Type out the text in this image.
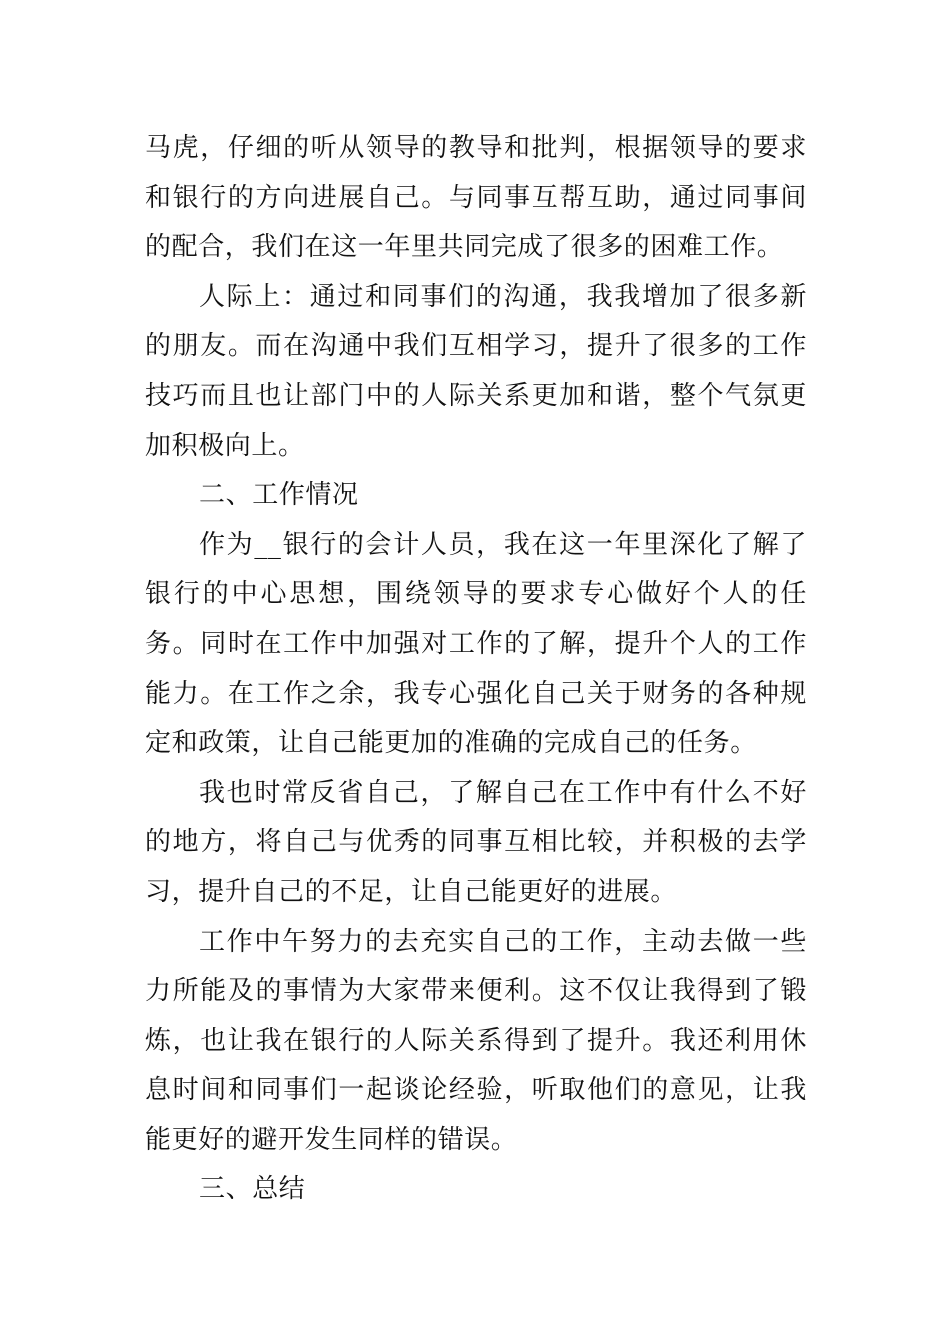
马虎，仔细的听从领导的教导和批判，根据领导的要求和银行的方向进展自己。与同事互帮互助，通过同事间的配合，我们在这一年里共同完成了很多的困难工作。

人际上：通过和同事们的沟通，我我增加了很多新的朋友。而在沟通中我们互相学习，提升了很多的工作技巧而且也让部门中的人际关系更加和谐，整个气氛更加积极向上。

二、工作情况

作为__银行的会计人员，我在这一年里深化了解了银行的中心思想，围绕领导的要求专心做好个人的任务。同时在工作中加强对工作的了解，提升个人的工作能力。在工作之余，我专心强化自己关于财务的各种规定和政策，让自己能更加的准确的完成自己的任务。

我也时常反省自己，了解自己在工作中有什么不好的地方，将自己与优秀的同事互相比较，并积极的去学习，提升自己的不足，让自己能更好的进展。

工作中午努力的去充实自己的工作，主动去做一些力所能及的事情为大家带来便利。这不仅让我得到了锻炼，也让我在银行的人际关系得到了提升。我还利用休息时间和同事们一起谈论经验，听取他们的意见，让我能更好的避开发生同样的错误。

三、总结
